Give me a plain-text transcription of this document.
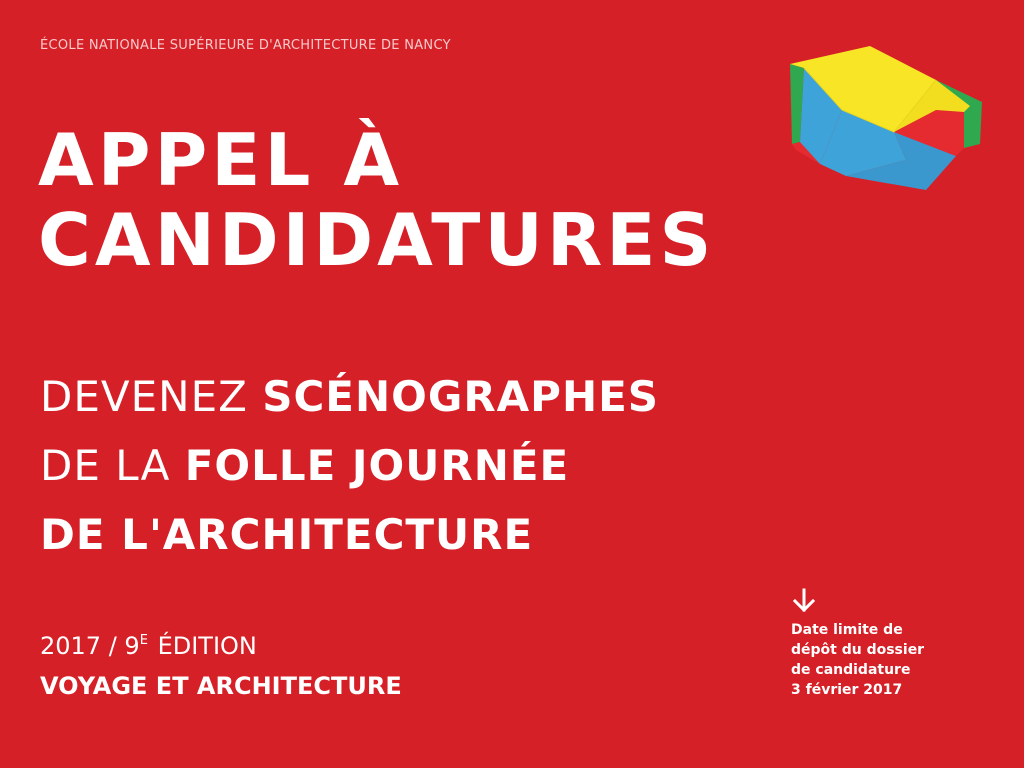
ÉCOLE NATIONALE SUPÉRIEURE D'ARCHITECTURE DE NANCY
APPEL À
CANDIDATURES
DEVENEZ SCÉNOGRAPHES
DE LA FOLLE JOURNÉE
DE L'ARCHITECTURE
$2017 / 9^E$ ÉDITION
VOYAGE ET ARCHITECTURE
Date limite de
dépôt du dossier
de candidature
3 février 2017
